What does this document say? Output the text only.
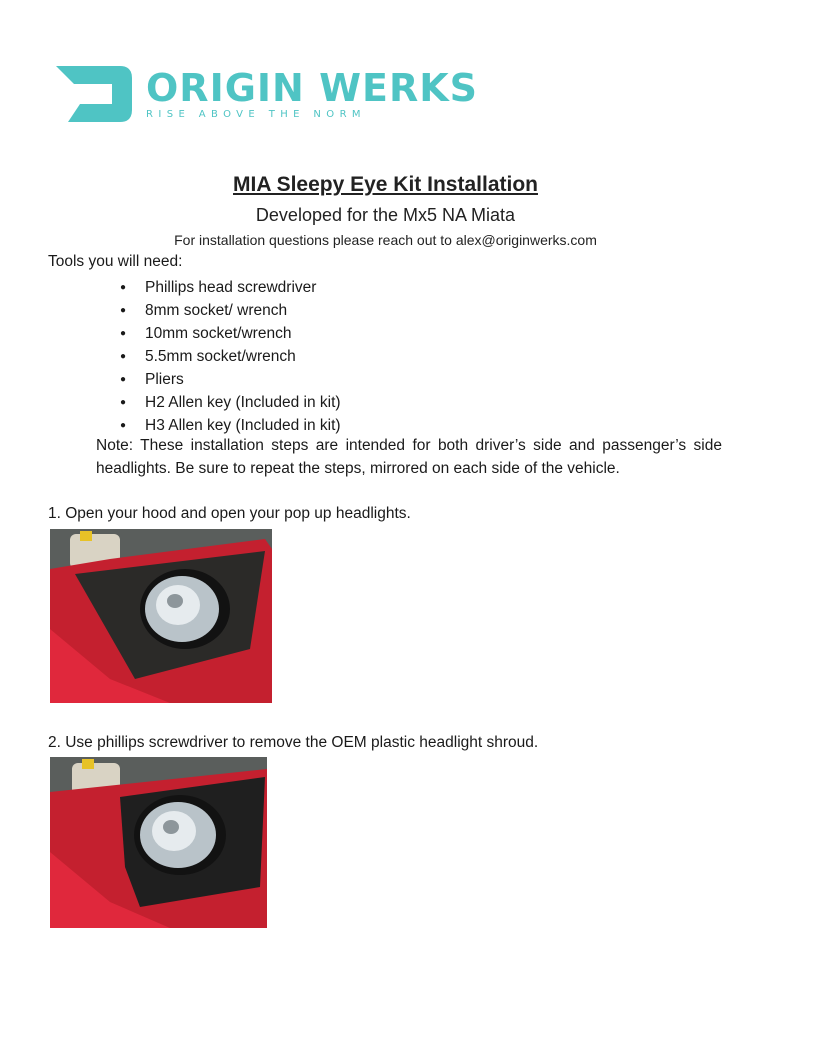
ORIGIN WERKS
RISE ABOVE THE NORM
MIA Sleepy Eye Kit Installation
Developed for the Mx5 NA Miata
For installation questions please reach out to alex@originwerks.com
Tools you will need:
● Phillips head screwdriver
● 8mm socket/ wrench
● 10mm socket/wrench
● 5.5mm socket/wrench
● Pliers
● H2 Allen key (Included in kit)
● H3 Allen key (Included in kit)
Note: These installation steps are intended for both driver’s side and passenger’s side headlights. Be sure to repeat the steps, mirrored on each side of the vehicle.
1. Open your hood and open your pop up headlights.
2. Use phillips screwdriver to remove the OEM plastic headlight shroud.
